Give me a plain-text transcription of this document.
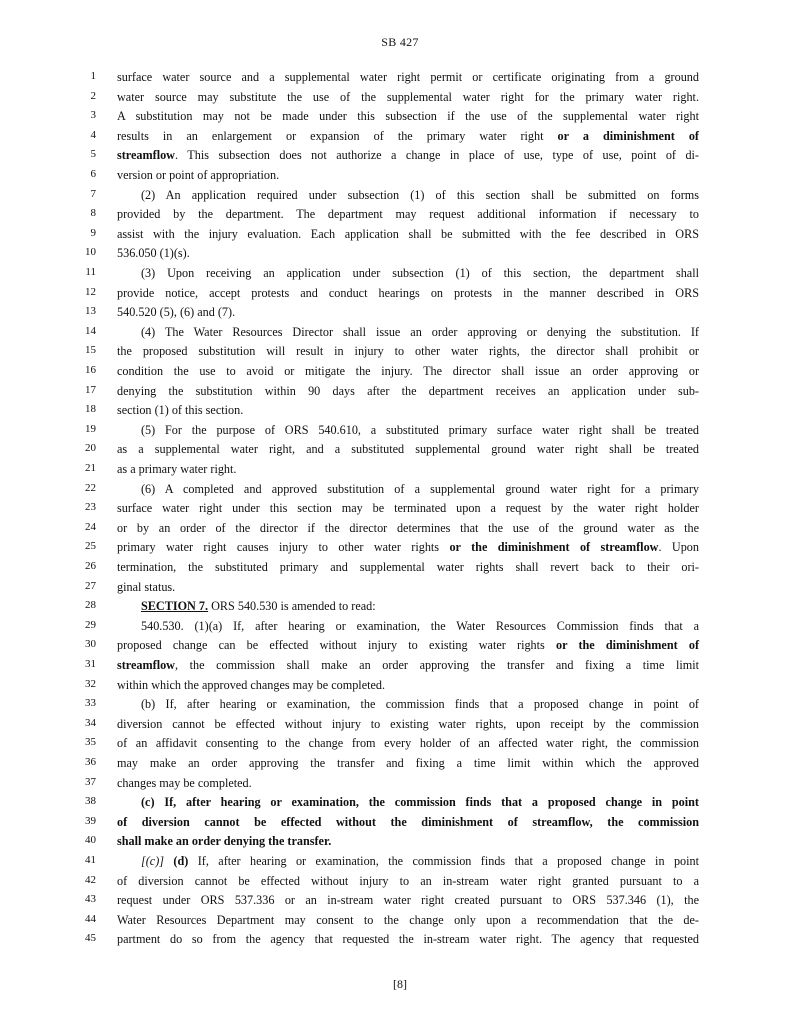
SB 427
1 surface water source and a supplemental water right permit or certificate originating from a ground
2 water source may substitute the use of the supplemental water right for the primary water right.
3 A substitution may not be made under this subsection if the use of the supplemental water right
4 results in an enlargement or expansion of the primary water right or a diminishment of
5 streamflow. This subsection does not authorize a change in place of use, type of use, point of di-
6 version or point of appropriation.
7	(2) An application required under subsection (1) of this section shall be submitted on forms
8 provided by the department. The department may request additional information if necessary to
9 assist with the injury evaluation. Each application shall be submitted with the fee described in ORS
10 536.050 (1)(s).
11	(3) Upon receiving an application under subsection (1) of this section, the department shall
12 provide notice, accept protests and conduct hearings on protests in the manner described in ORS
13 540.520 (5), (6) and (7).
14	(4) The Water Resources Director shall issue an order approving or denying the substitution. If
15 the proposed substitution will result in injury to other water rights, the director shall prohibit or
16 condition the use to avoid or mitigate the injury. The director shall issue an order approving or
17 denying the substitution within 90 days after the department receives an application under sub-
18 section (1) of this section.
19	(5) For the purpose of ORS 540.610, a substituted primary surface water right shall be treated
20 as a supplemental water right, and a substituted supplemental ground water right shall be treated
21 as a primary water right.
22	(6) A completed and approved substitution of a supplemental ground water right for a primary
23 surface water right under this section may be terminated upon a request by the water right holder
24 or by an order of the director if the director determines that the use of the ground water as the
25 primary water right causes injury to other water rights or the diminishment of streamflow. Upon
26 termination, the substituted primary and supplemental water rights shall revert back to their ori-
27 ginal status.
28	SECTION 7. ORS 540.530 is amended to read:
29	540.530. (1)(a) If, after hearing or examination, the Water Resources Commission finds that a
30 proposed change can be effected without injury to existing water rights or the diminishment of
31 streamflow, the commission shall make an order approving the transfer and fixing a time limit
32 within which the approved changes may be completed.
33	(b) If, after hearing or examination, the commission finds that a proposed change in point of
34 diversion cannot be effected without injury to existing water rights, upon receipt by the commission
35 of an affidavit consenting to the change from every holder of an affected water right, the commission
36 may make an order approving the transfer and fixing a time limit within which the approved
37 changes may be completed.
38	(c) If, after hearing or examination, the commission finds that a proposed change in point
39 of diversion cannot be effected without the diminishment of streamflow, the commission
40 shall make an order denying the transfer.
41	[(c)] (d) If, after hearing or examination, the commission finds that a proposed change in point
42 of diversion cannot be effected without injury to an in-stream water right granted pursuant to a
43 request under ORS 537.336 or an in-stream water right created pursuant to ORS 537.346 (1), the
44 Water Resources Department may consent to the change only upon a recommendation that the de-
45 partment do so from the agency that requested the in-stream water right. The agency that requested
[8]
